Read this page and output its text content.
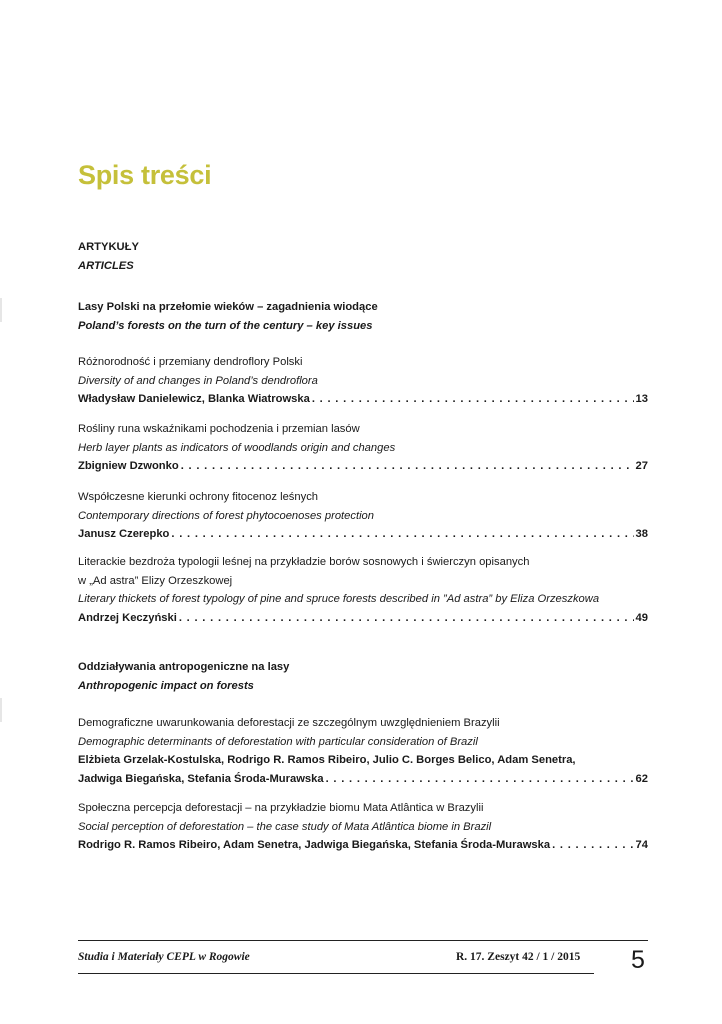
Spis treści
ARTYKUŁY
ARTICLES
Lasy Polski na przełomie wieków – zagadnienia wiodące
Poland’s forests on the turn of the century – key issues
Różnorodność i przemiany dendroflory Polski
Diversity of and changes in Poland’s dendroflora
Władysław Danielewicz, Blanka Wiatrowska . . .	13
Rośliny runa wskaźnikami pochodzenia i przemian lasów
Herb layer plants as indicators of woodlands origin and changes
Zbigniew Dzwonko . . .	27
Współczesne kierunki ochrony fitocenoz leśnych
Contemporary directions of forest phytocoenoses protection
Janusz Czerepko . . .	38
Literackie bezdroża typologii leśnej na przykładzie borów sosnowych i świerczyn opisanych
w „Ad astra” Elizy Orzeszkowej
Literary thickets of forest typology of pine and spruce forests described in ”Ad astra” by Eliza Orzeszkowa
Andrzej Keczyński . . .	49
Oddziaływania antropogeniczne na lasy
Anthropogenic impact on forests
Demograficzne uwarunkowania deforestacji ze szczególnym uwzględnieniem Brazylii
Demographic determinants of deforestation with particular consideration of Brazil
Elżbieta Grzelak-Kostulska, Rodrigo R. Ramos Ribeiro, Julio C. Borges Belico, Adam Senetra,
Jadwiga Biegańska, Stefania Środa-Murawska . . .	62
Społeczna percepcja deforestacji – na przykładzie biomu Mata Atlântica w Brazylii
Social perception of deforestation – the case study of Mata Atlântica biome in Brazil
Rodrigo R. Ramos Ribeiro, Adam Senetra, Jadwiga Biegańska, Stefania Środa-Murawska . . .	74
Studia i Materiały CEPL w Rogowie	R. 17. Zeszyt 42 / 1 / 2015 5
